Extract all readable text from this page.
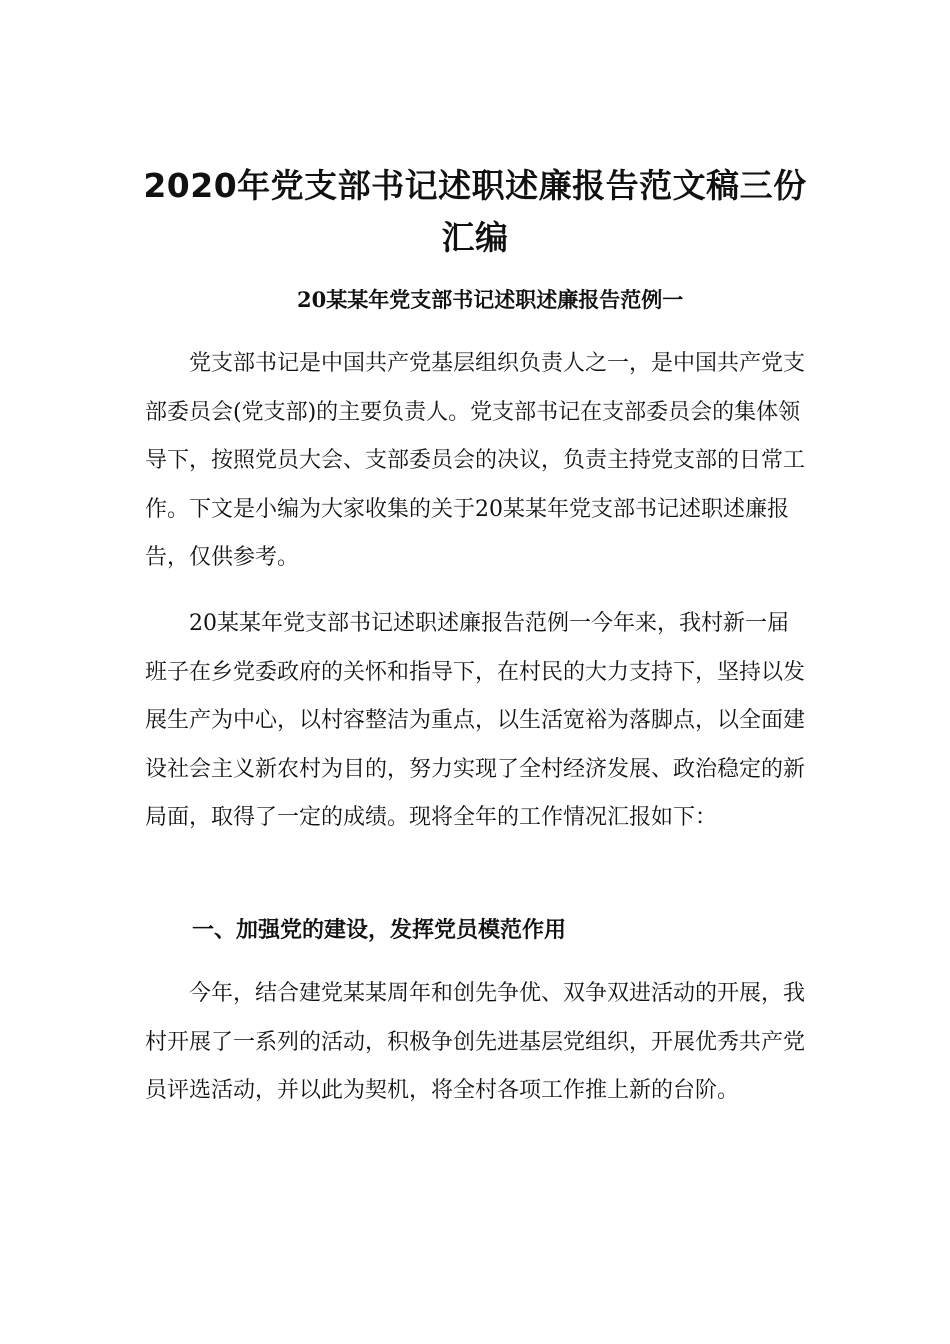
2020年党支部书记述职述廉报告范文稿三份汇编
20某某年党支部书记述职述廉报告范例一

党支部书记是中国共产党基层组织负责人之一，是中国共产党支部委员会(党支部)的主要负责人。党支部书记在支部委员会的集体领导下，按照党员大会、支部委员会的决议，负责主持党支部的日常工作。下文是小编为大家收集的关于20某某年党支部书记述职述廉报告，仅供参考。

20某某年党支部书记述职述廉报告范例一今年来，我村新一届班子在乡党委政府的关怀和指导下，在村民的大力支持下，坚持以发展生产为中心，以村容整洁为重点，以生活宽裕为落脚点，以全面建设社会主义新农村为目的，努力实现了全村经济发展、政治稳定的新局面，取得了一定的成绩。现将全年的工作情况汇报如下：

一、加强党的建设，发挥党员模范作用

今年，结合建党某某周年和创先争优、双争双进活动的开展，我村开展了一系列的活动，积极争创先进基层党组织，开展优秀共产党员评选活动，并以此为契机，将全村各项工作推上新的台阶。
